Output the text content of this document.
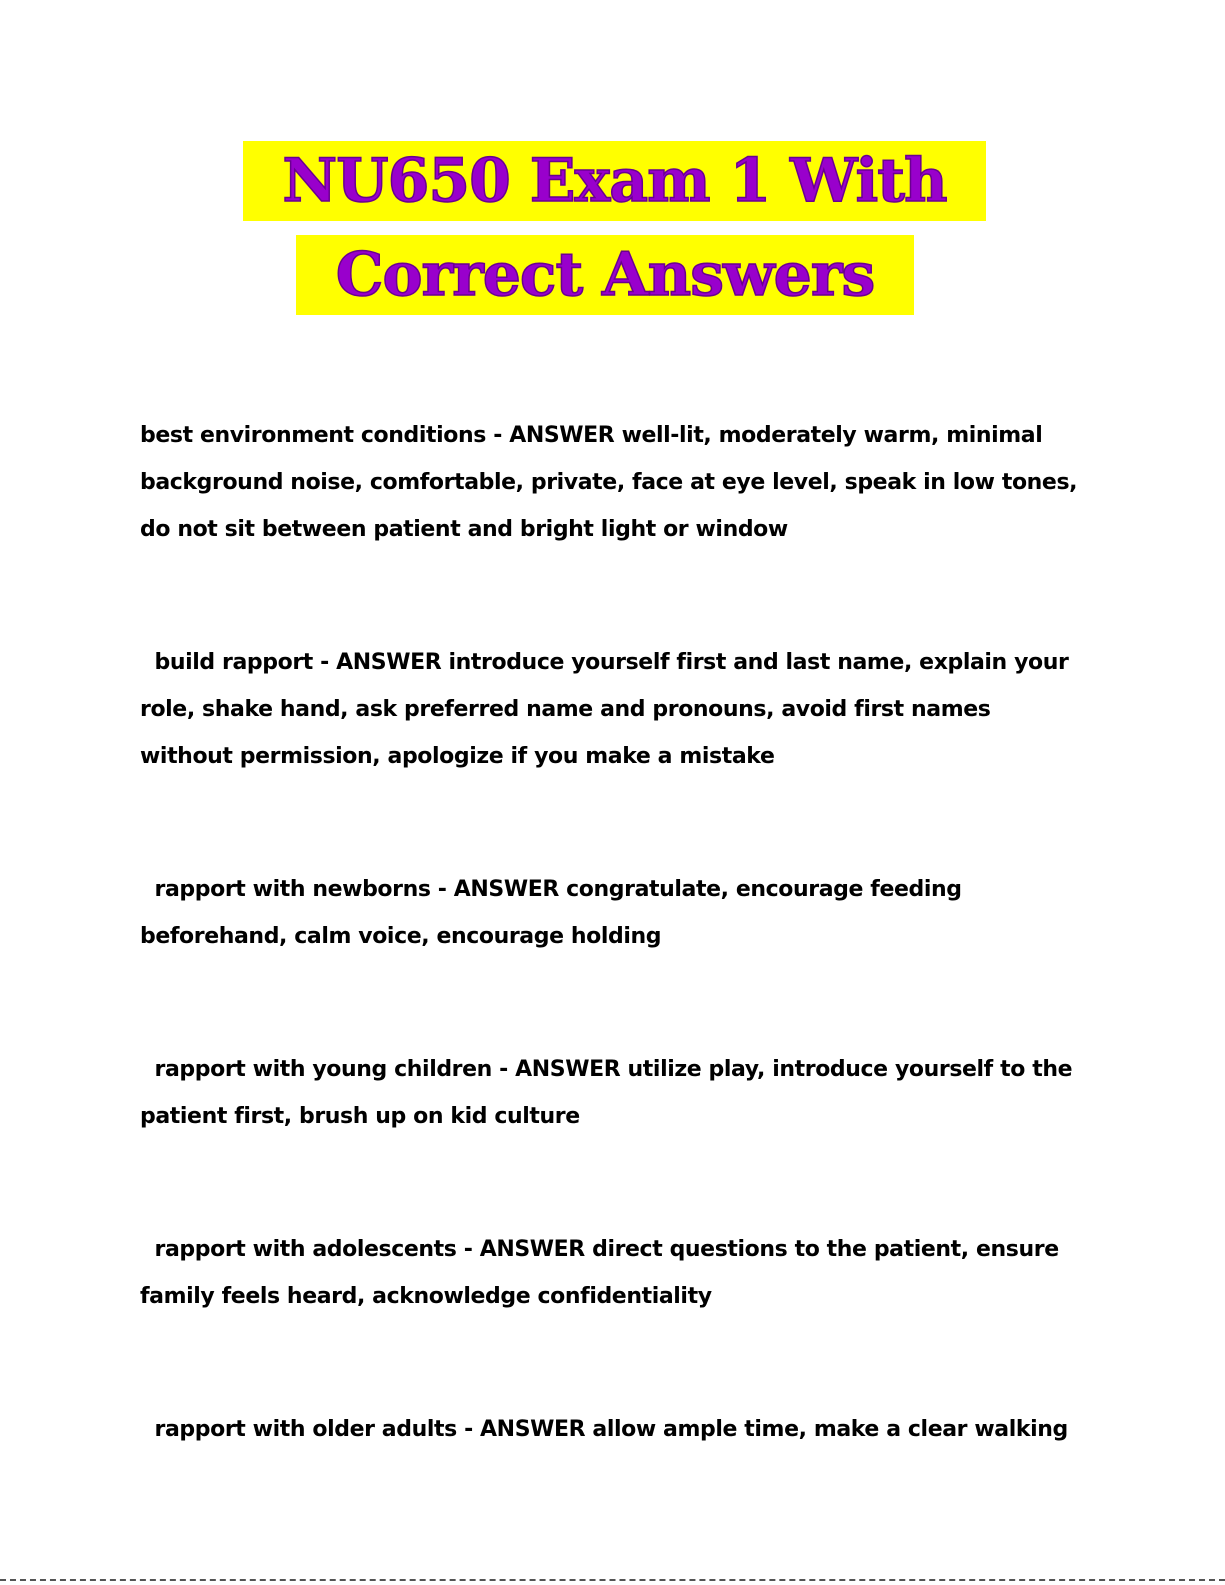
NU650 Exam 1 With
Correct Answers
best environment conditions - ANSWER well-lit, moderately warm, minimal background noise, comfortable, private, face at eye level, speak in low tones, do not sit between patient and bright light or window
build rapport - ANSWER introduce yourself first and last name, explain your role, shake hand, ask preferred name and pronouns, avoid first names without permission, apologize if you make a mistake
rapport with newborns - ANSWER congratulate, encourage feeding beforehand, calm voice, encourage holding
rapport with young children - ANSWER utilize play, introduce yourself to the patient first, brush up on kid culture
rapport with adolescents - ANSWER direct questions to the patient, ensure family feels heard, acknowledge confidentiality
rapport with older adults - ANSWER allow ample time, make a clear walking
